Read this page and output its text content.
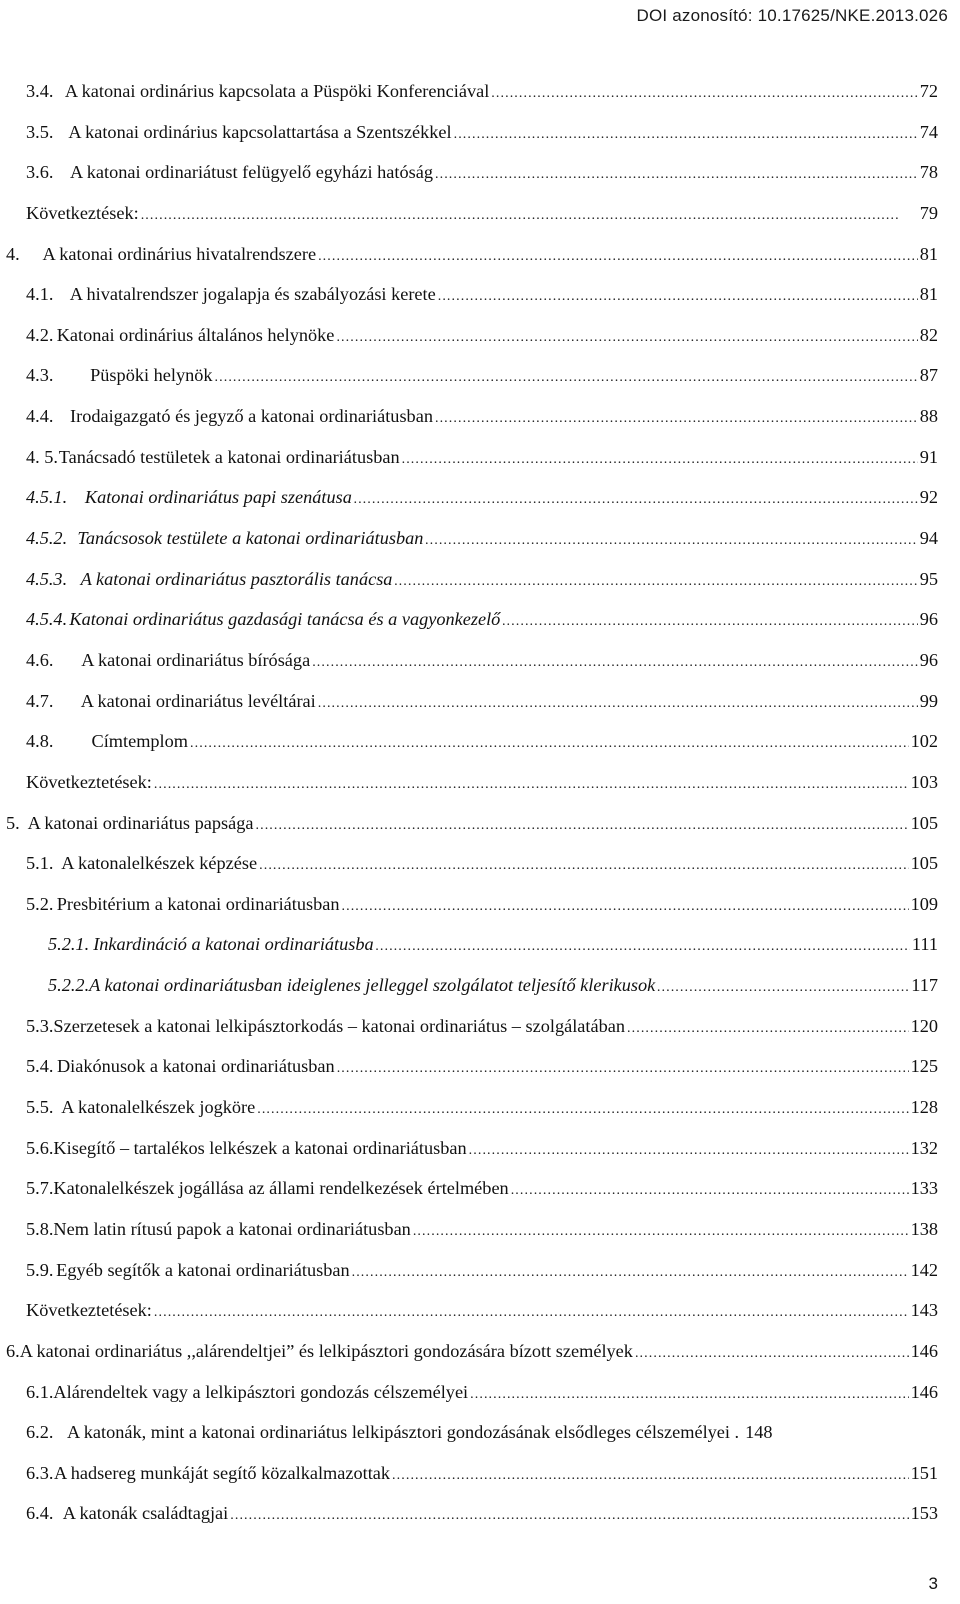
DOI azonosító: 10.17625/NKE.2013.026
3.4. A katonai ordinárius kapcsolata a Püspöki Konferenciával . . .	72
3.5. A katonai ordinárius kapcsolattartása a Szentszékkel . . .	74
3.6. A katonai ordinariátust felügyelő egyházi hatóság . . .	78
Következtések: . . .	79
4.	A katonai ordinárius hivatalrendszere . . .	81
4.1. A hivatalrendszer jogalapja és szabályozási kerete . . .	81
4.2. Katonai ordinárius általános helynöke . . .	82
4.3.	Püspöki helynök . . .	87
4.4. Irodaigazgató és jegyző a katonai ordinariátusban . . .	88
4. 5. Tanácsadó testületek a katonai ordinariátusban . . .	91
4.5.1. Katonai ordinariátus papi szenátusa . . .	92
4.5.2. Tanácsosok testülete a katonai ordinariátusban . . .	94
4.5.3. A katonai ordinariátus pasztorális tanácsa . . .	95
4.5.4. Katonai ordinariátus gazdasági tanácsa és a vagyonkezelő . . .	96
4.6.	A katonai ordinariátus bírósága . . .	96
4.7.	A katonai ordinariátus levéltárai . . .	99
4.8.	Címtemplom . . .	102
Következtetések: . . .	103
5. A katonai ordinariátus papsága . . .	105
5.1. A katonalelkészek képzése . . .	105
5.2. Presbitérium a katonai ordinariátusban . . .	109
5.2.1. Inkardináció a katonai ordinariátusba . . .	111
5.2.2. A katonai ordinariátusban ideiglenes jelleggel szolgálatot teljesítő klerikusok . . .	117
5.3. Szerzetesek a katonai lelkipásztorkodás – katonai ordinariátus – szolgálatában . . .	120
5.4. Diakónusok a katonai ordinariátusban . . .	125
5.5. A katonalelkészek jogköre . . .	128
5.6. Kisegítő – tartalékos lelkészek a katonai ordinariátusban . . .	132
5.7. Katonalelkészek jogállása az állami rendelkezések értelmében . . .	133
5.8. Nem latin rítusú papok a katonai ordinariátusban . . .	138
5.9. Egyéb segítők a katonai ordinariátusban . . .	142
Következtetések: . . .	143
6. A katonai ordinariátus ,,alárendeltjei” és lelkipásztori gondozására bízott személyek . . .	146
6.1. Alárendeltek vagy a lelkipásztori gondozás célszemélyei . . .	146
6.2. A katonák, mint a katonai ordinariátus lelkipásztori gondozásának elsődleges célszemélyei . 148
6.3. A hadsereg munkáját segítő közalkalmazottak . . .	151
6.4. A katonák családtagjai . . .	153
3
